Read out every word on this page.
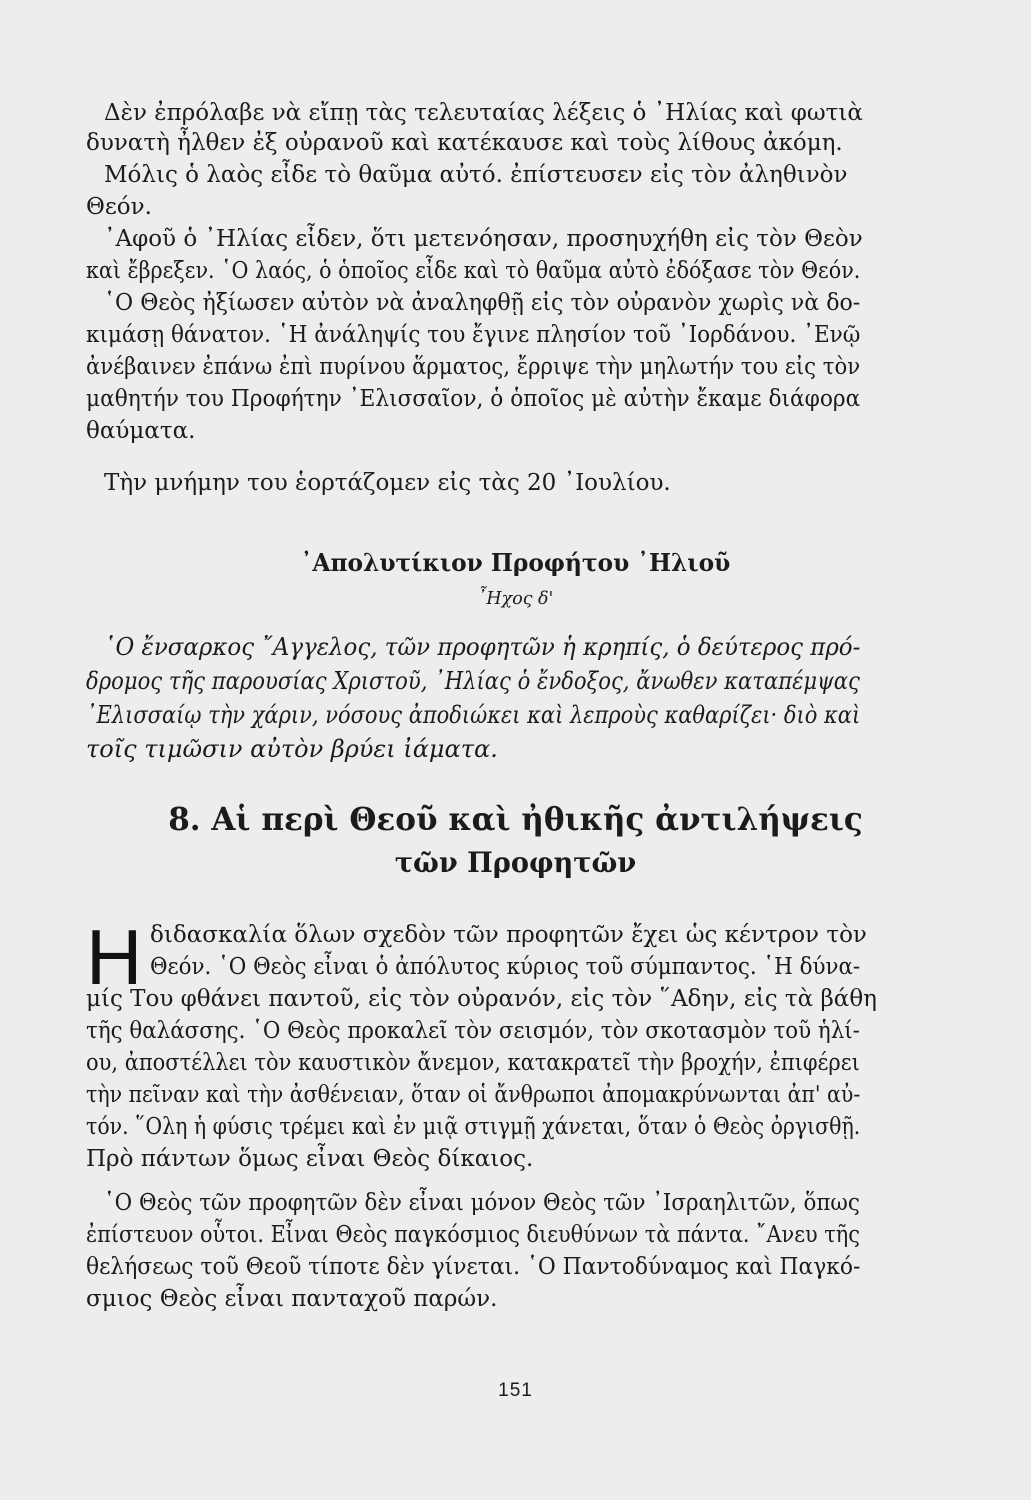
Δὲν ἐπρόλαβε νὰ εἴπῃ τὰς τελευταίας λέξεις ὁ ᾿Ηλίας καὶ φωτιὰ
δυνατὴ ἦλθεν ἐξ οὐρανοῦ καὶ κατέκαυσε καὶ τοὺς λίθους ἀκόμη.
Μόλις ὁ λαὸς εἶδε τὸ θαῦμα αὐτό. ἐπίστευσεν εἰς τὸν ἀληθινὸν
Θεόν.
᾿Αφοῦ ὁ ᾿Ηλίας εἶδεν, ὅτι μετενόησαν, προσηυχήθη εἰς τὸν Θεὸν
καὶ ἔβρεξεν. ῾Ο λαός, ὁ ὁποῖος εἶδε καὶ τὸ θαῦμα αὐτὸ ἐδόξασε τὸν Θεόν.
῾Ο Θεὸς ἠξίωσεν αὐτὸν νὰ ἀναληφθῇ εἰς τὸν οὐρανὸν χωρὶς νὰ δο-
κιμάσῃ θάνατον. ῾Η ἀνάληψίς του ἔγινε πλησίον τοῦ ᾿Ιορδάνου. ᾿Ενῷ
ἀνέβαινεν ἐπάνω ἐπὶ πυρίνου ἅρματος, ἔρριψε τὴν μηλωτήν του εἰς τὸν
μαθητήν του Προφήτην ᾿Ελισσαῖον, ὁ ὁποῖος μὲ αὐτὴν ἔκαμε διάφορα
θαύματα.
Τὴν μνήμην του ἑορτάζομεν εἰς τὰς 20 ᾿Ιουλίου.
᾿Απολυτίκιον Προφήτου ᾿Ηλιοῦ
῏Ηχος δ'
῾Ο ἔνσαρκος ῎Αγγελος, τῶν προφητῶν ἡ κρηπίς, ὁ δεύτερος πρό-
δρομος τῆς παρουσίας Χριστοῦ, ᾿Ηλίας ὁ ἔνδοξος, ἄνωθεν καταπέμψας
᾿Ελισσαίῳ τὴν χάριν, νόσους ἀποδιώκει καὶ λεπροὺς καθαρίζει· διὸ καὶ
τοῖς τιμῶσιν αὐτὸν βρύει ἰάματα.
8. Αἱ περὶ Θεοῦ καὶ ἠθικῆς ἀντιλήψεις
τῶν Προφητῶν
Η διδασκαλία ὅλων σχεδὸν τῶν προφητῶν ἔχει ὡς κέντρον τὸν
Θεόν. ῾Ο Θεὸς εἶναι ὁ ἀπόλυτος κύριος τοῦ σύμπαντος. ῾Η δύνα-
μίς Του φθάνει παντοῦ, εἰς τὸν οὐρανόν, εἰς τὸν ῞Αδην, εἰς τὰ βάθη
τῆς θαλάσσης. ῾Ο Θεὸς προκαλεῖ τὸν σεισμόν, τὸν σκοτασμὸν τοῦ ἡλί-
ου, ἀποστέλλει τὸν καυστικὸν ἄνεμον, κατακρατεῖ τὴν βροχήν, ἐπιφέρει
τὴν πεῖναν καὶ τὴν ἀσθένειαν, ὅταν οἱ ἄνθρωποι ἀπομακρύνωνται ἀπ' αὐ-
τόν. ῞Ολη ἡ φύσις τρέμει καὶ ἐν μιᾷ στιγμῇ χάνεται, ὅταν ὁ Θεὸς ὀργισθῇ.
Πρὸ πάντων ὅμως εἶναι Θεὸς δίκαιος.
῾Ο Θεὸς τῶν προφητῶν δὲν εἶναι μόνον Θεὸς τῶν ᾿Ισραηλιτῶν, ὅπως
ἐπίστευον οὗτοι. Εἶναι Θεὸς παγκόσμιος διευθύνων τὰ πάντα. ῎Ανευ τῆς
θελήσεως τοῦ Θεοῦ τίποτε δὲν γίνεται. ῾Ο Παντοδύναμος καὶ Παγκό-
σμιος Θεὸς εἶναι πανταχοῦ παρών.
151
